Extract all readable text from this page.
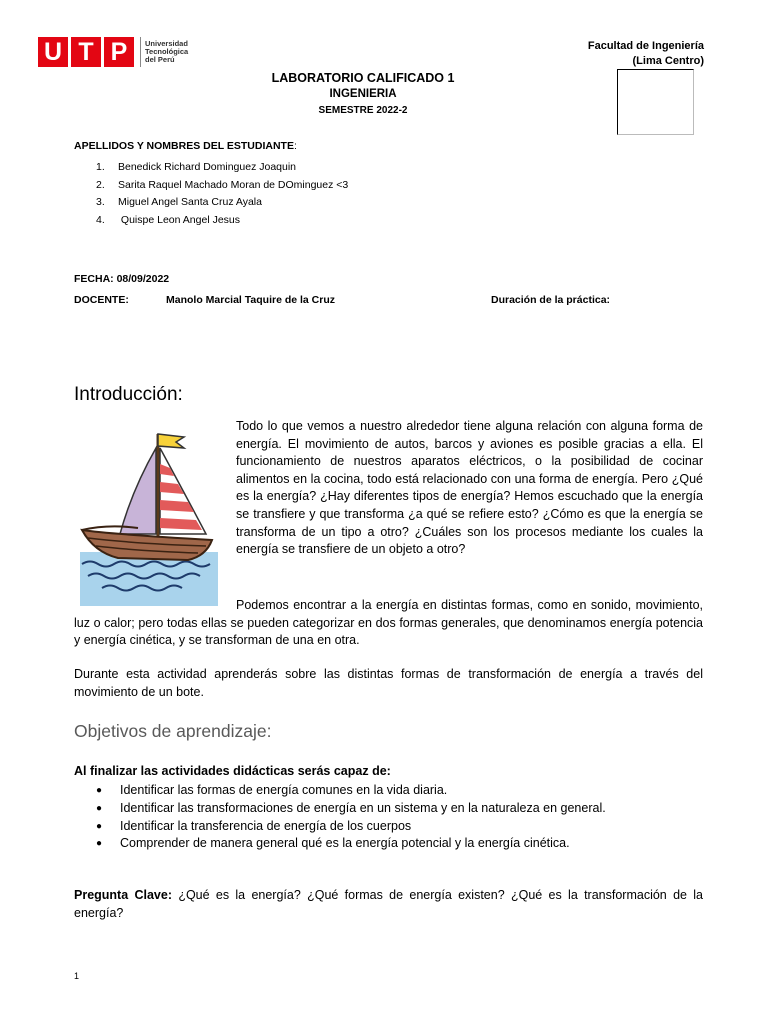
U T P	Universidad
Tecnológica
del Perú
Facultad de Ingeniería
(Lima Centro)
LABORATORIO CALIFICADO 1
INGENIERIA
SEMESTRE 2022-2
APELLIDOS Y NOMBRES DEL ESTUDIANTE:
1.	Benedick Richard Dominguez Joaquin
2.	Sarita Raquel Machado Moran de DOminguez <3
3.	Miguel Angel Santa Cruz Ayala
4.	Quispe Leon Angel Jesus
FECHA: 08/09/2022
DOCENTE:	Manolo Marcial Taquire de la Cruz	Duración de la práctica:
Introducción:
Todo lo que vemos a nuestro alrededor tiene alguna relación con alguna forma de energía. El movimiento de autos, barcos y aviones es posible gracias a ella. El funcionamiento de nuestros aparatos eléctricos, o la posibilidad de cocinar alimentos en la cocina, todo está relacionado con una forma de energía. Pero ¿Qué es la energía? ¿Hay diferentes tipos de energía? Hemos escuchado que la energía se transfiere y que transforma ¿a qué se refiere esto? ¿Cómo es que la energía se transforma de un tipo a otro? ¿Cuáles son los procesos mediante los cuales la energía se transfiere de un objeto a otro?
Podemos encontrar a la energía en distintas formas, como en sonido, movimiento, luz o calor; pero todas ellas se pueden categorizar en dos formas generales, que denominamos energía potencia y energía cinética, y se transforman de una en otra.
Durante esta actividad aprenderás sobre las distintas formas de transformación de energía a través del movimiento de un bote.
Objetivos de aprendizaje:
Al finalizar las actividades didácticas serás capaz de:
●	Identificar las formas de energía comunes en la vida diaria.
●	Identificar las transformaciones de energía en un sistema y en la naturaleza en general.
●	Identificar la transferencia de energía de los cuerpos
●	Comprender de manera general qué es la energía potencial y la energía cinética.
Pregunta Clave: ¿Qué es la energía? ¿Qué formas de energía existen? ¿Qué es la transformación de la energía?
1
